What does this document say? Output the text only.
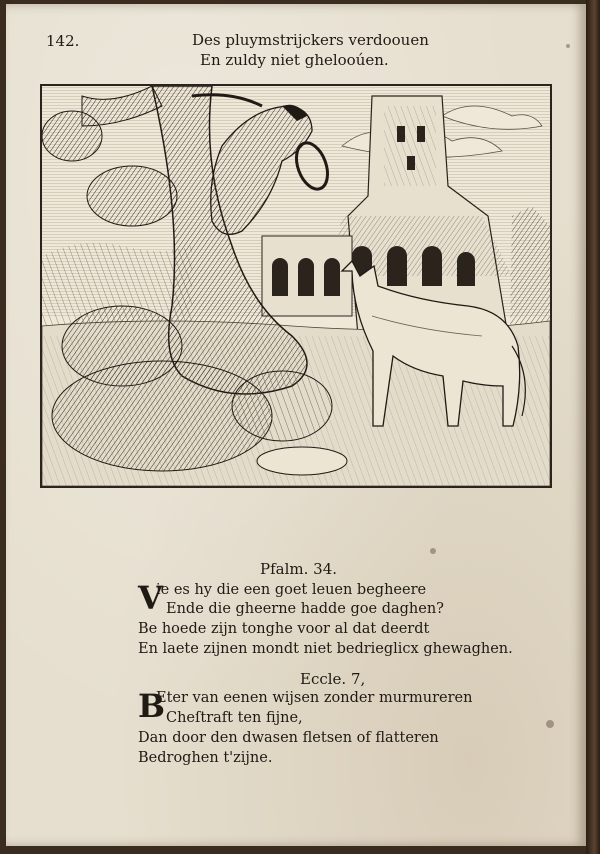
142.	Des pluymstrijckers verdoouen
En zuldy niet ghelooúen.
Pfalm. 34.
V
ie es hy die een goet leuen begheere
Ende die gheerne hadde goe daghen?
Be hoede zijn tonghe voor al dat deerdt
En laete zijnen mondt niet bedrieglicx ghewaghen.
Eccle. 7,
B
Eter van eenen wijsen zonder murmureren
Cheſtraft ten fijne,
Dan door den dwasen fletsen of flatteren
Bedroghen t'zijne.
